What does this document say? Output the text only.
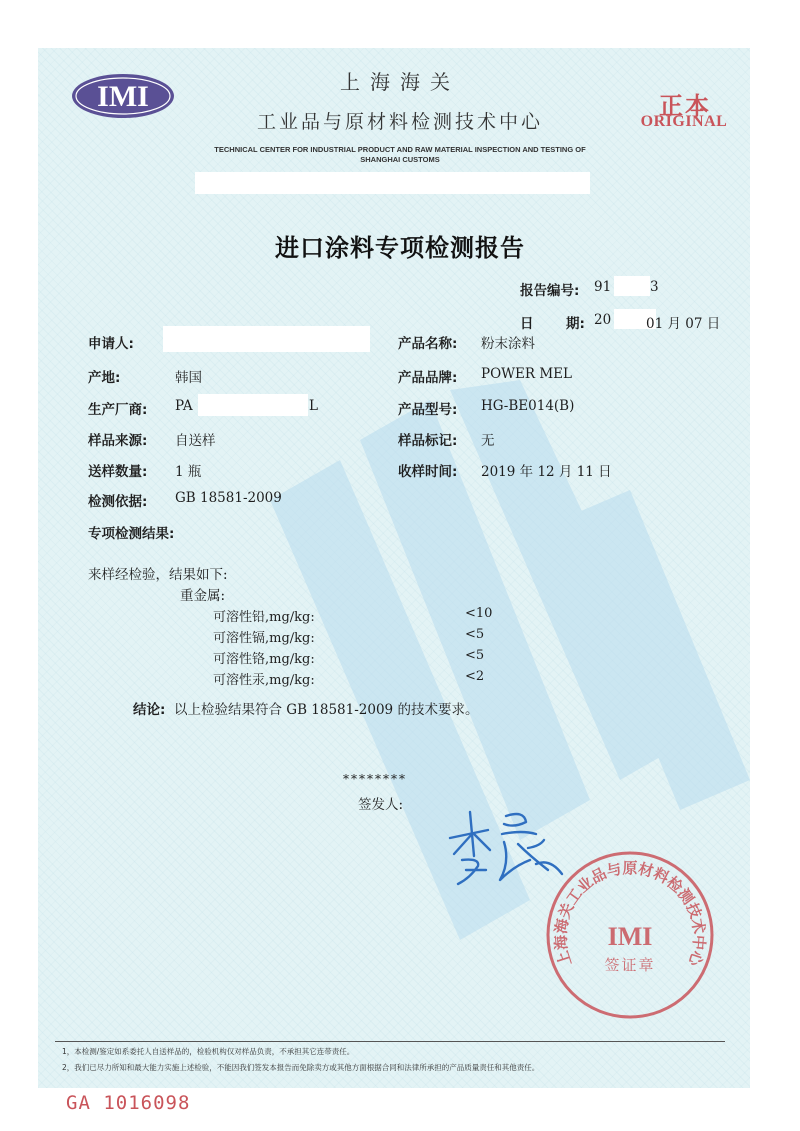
IMI	上海海关
工业品与原材料检测技术中心
TECHNICAL CENTER FOR INDUSTRIAL PRODUCT AND RAW MATERIAL INSPECTION AND TESTING OF SHANGHAI CUSTOMS
正本
ORIGINAL
进口涂料专项检测报告
报告编号: 91	3
日 期: 20	01 月 07 日
申请人:
产地:	韩国
生产厂商: PA	L
样品来源: 自送样
送样数量: 1 瓶
检测依据: GB 18581-2009
产品名称: 粉末涂料
产品品牌: POWER MEL
产品型号: HG-BE014(B)
样品标记: 无
收样时间: 2019 年 12 月 11 日
专项检测结果:
来样经检验，结果如下:
重金属:
可溶性铅,mg/kg:	<10
可溶性镉,mg/kg:	<5
可溶性铬,mg/kg:	<5
可溶性汞,mg/kg:	<2
结论: 以上检验结果符合 GB 18581-2009 的技术要求。
********
签发人:
上海海关工业品与原材料检测技术中心
IMI
签证章
1，本检测/鉴定如系委托人自送样品的，检验机构仅对样品负责，不承担其它连带责任。
2，我们已尽力所知和最大能力实施上述检验，不能因我们签发本报告而免除卖方或其他方面根据合同和法律所承担的产品质量责任和其他责任。
GA 1016098
